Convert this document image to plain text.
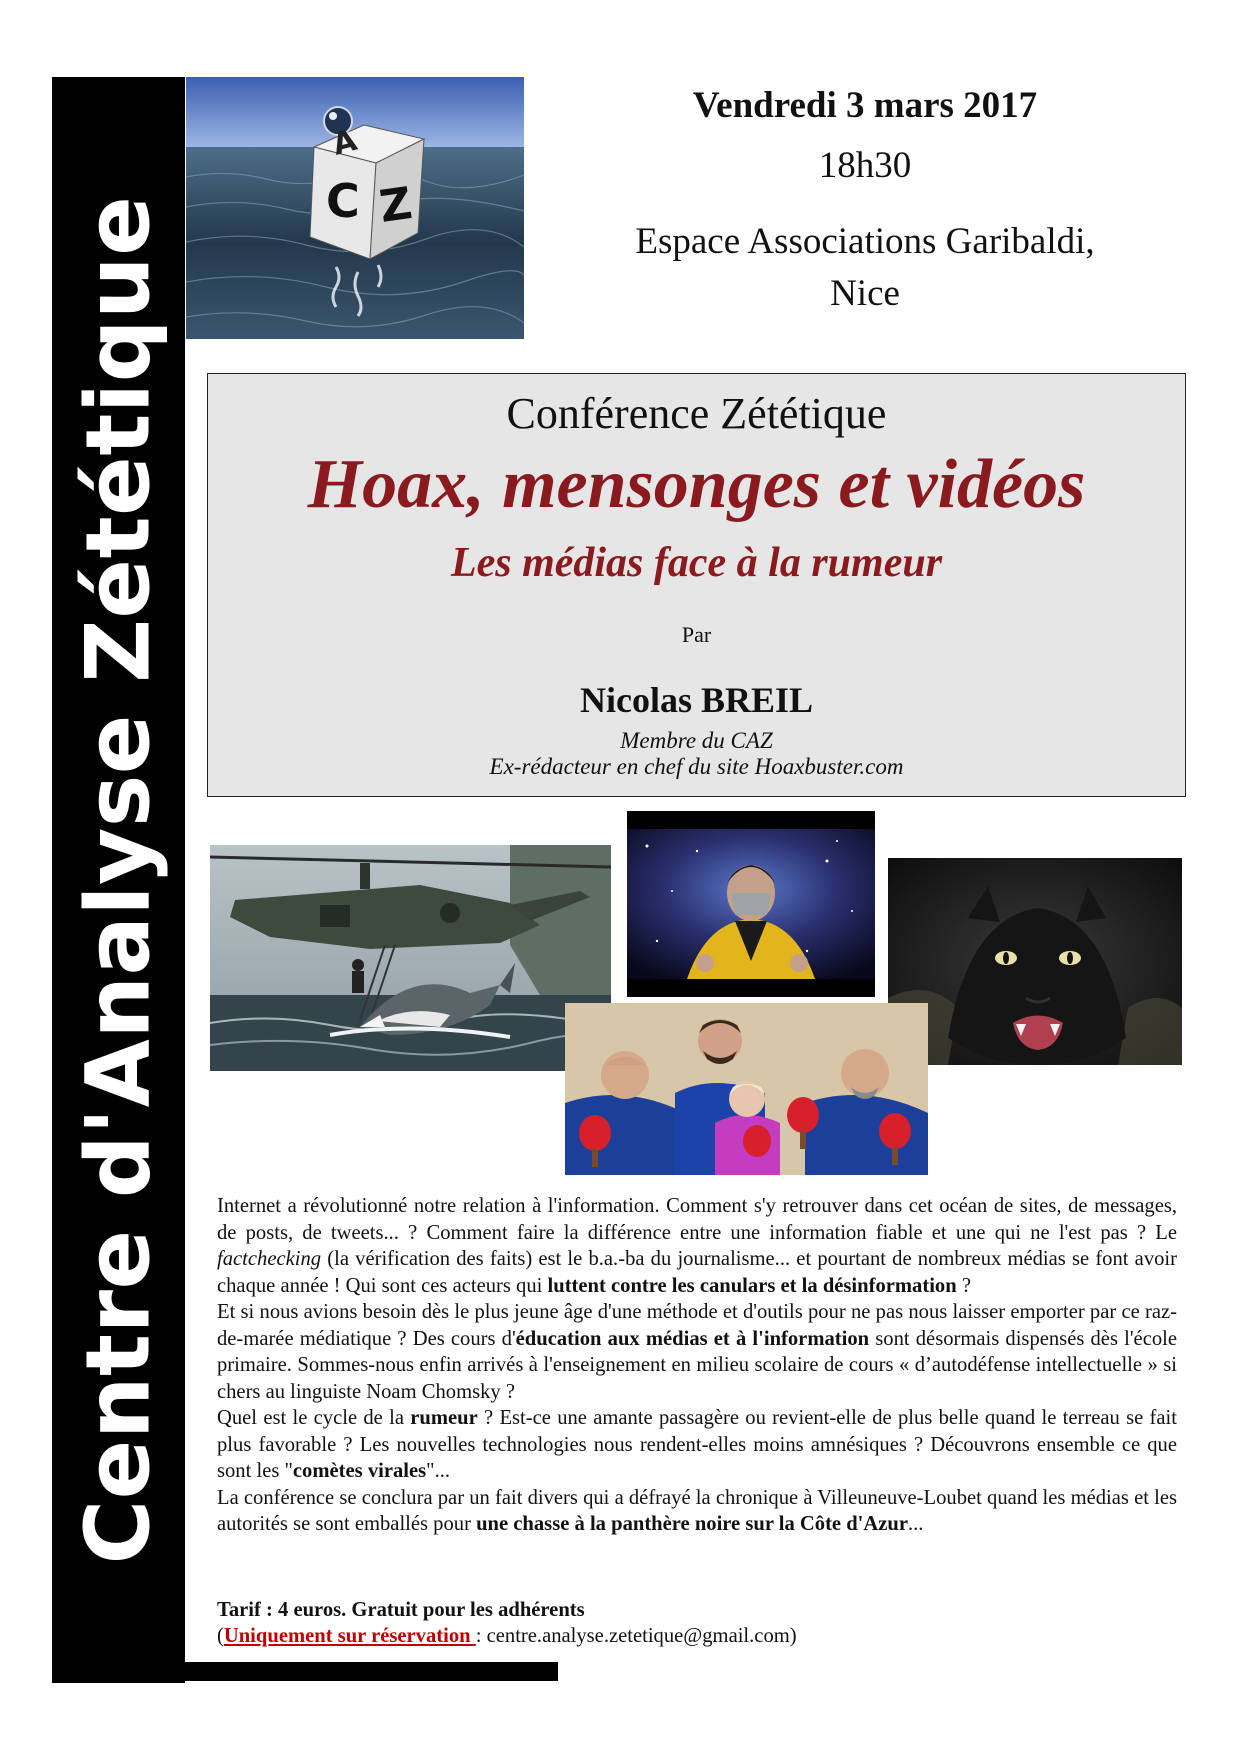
Centre d'Analyse Zététique
A
C Z
Vendredi 3 mars 2017
18h30
Espace Associations Garibaldi,
Nice
Conférence Zététique
Hoax, mensonges et vidéos
Les médias face à la rumeur
Par
Nicolas BREIL
Membre du CAZ
Ex-rédacteur en chef du site Hoaxbuster.com

Internet a révolutionné notre relation à l'information. Comment s'y retrouver dans cet océan de sites, de messages, de posts, de tweets... ? Comment faire la différence entre une information fiable et une qui ne l'est pas ? Le factchecking (la vérification des faits) est le b.a.-ba du journalisme... et pourtant de nombreux médias se font avoir chaque année ! Qui sont ces acteurs qui luttent contre les canulars et la désinformation ?

Et si nous avions besoin dès le plus jeune âge d'une méthode et d'outils pour ne pas nous laisser emporter par ce raz-de-marée médiatique ? Des cours d'éducation aux médias et à l'information sont désormais dispensés dès l'école primaire. Sommes-nous enfin arrivés à l'enseignement en milieu scolaire de cours « d’autodéfense intellectuelle » si chers au linguiste Noam Chomsky ?

Quel est le cycle de la rumeur ? Est-ce une amante passagère ou revient-elle de plus belle quand le terreau se fait plus favorable ? Les nouvelles technologies nous rendent-elles moins amnésiques ? Découvrons ensemble ce que sont les "comètes virales"...

La conférence se conclura par un fait divers qui a défrayé la chronique à Villeuneuve-Loubet quand les médias et les autorités se sont emballés pour une chasse à la panthère noire sur la Côte d'Azur...

Tarif : 4 euros. Gratuit pour les adhérents
(Uniquement sur réservation : centre.analyse.zetetique@gmail.com)
